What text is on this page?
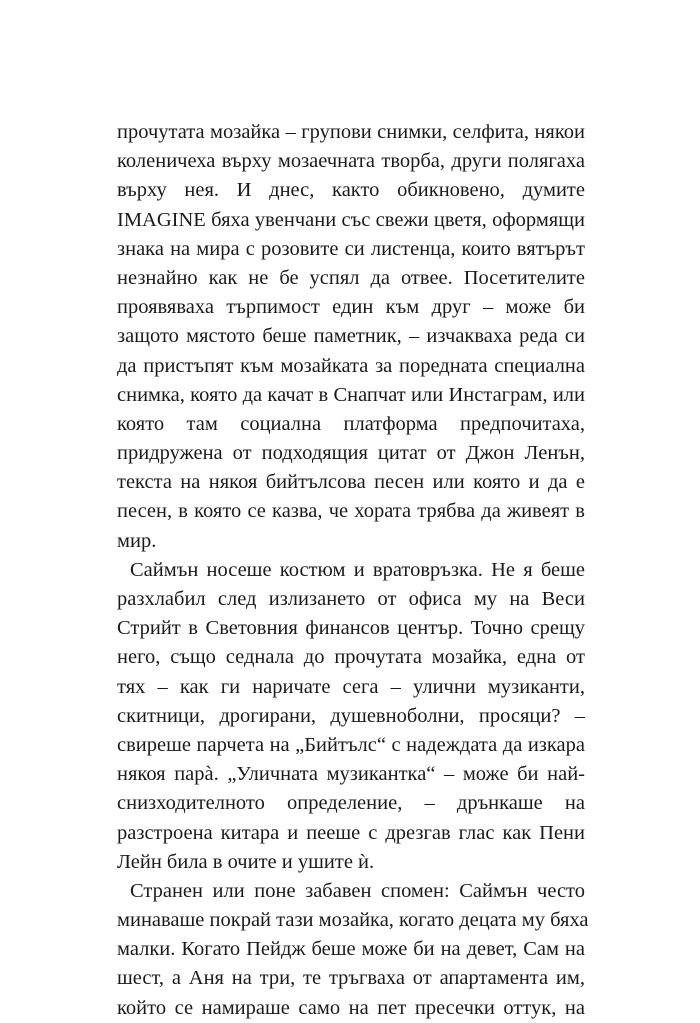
прочутата мозайка – групови снимки, селфита, някои
коленичеха върху мозаечната творба, други полягаха
върху нея. И днес, както обикновено, думите
IMAGINE бяха увенчани със свежи цветя, оформящи
знака на мира с розовите си листенца, които вятърът
незнайно как не бе успял да отвее. Посетителите
проявяваха търпимост един към друг – може би
защото мястото беше паметник, – изчакваха реда си
да пристъпят към мозайката за поредната специална
снимка, която да качат в Снапчат или Инстаграм, или
която там социална платформа предпочитаха,
придружена от подходящия цитат от Джон Ленън,
текста на някоя бийтълсова песен или която и да е
песен, в която се казва, че хората трябва да живеят в
мир.
Саймън носеше костюм и вратовръзка. Не я беше
разхлабил след излизането от офиса му на Веси
Стрийт в Световния финансов център. Точно срещу
него, също седнала до прочутата мозайка, една от
тях – как ги наричате сега – улични музиканти,
скитници, дрогирани, душевноболни, просяци? –
свиреше парчета на „Бийтълс“ с надеждата да изкара
някоя парà. „Уличната музикантка“ – може би най-
снизходителното определение, – дрънкаше на
разстроена китара и пееше с дрезгав глас как Пени
Лейн била в очите и ушите ѝ.
Странен или поне забавен спомен: Саймън често
минаваше покрай тази мозайка, когато децата му бяха
малки. Когато Пейдж беше може би на девет, Сам на
шест, а Аня на три, те тръгваха от апартамента им,
който се намираше само на пет пресечки оттук, на
